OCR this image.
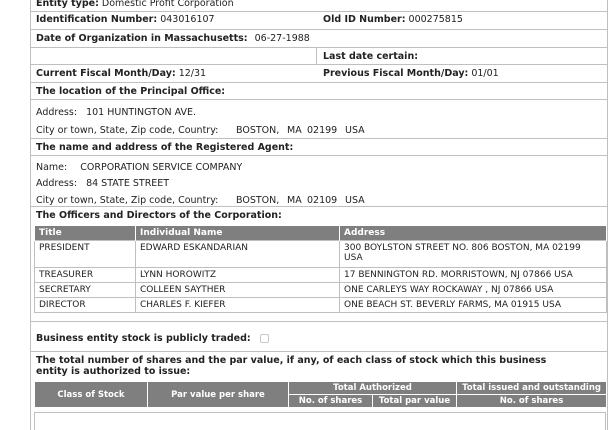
Entity type: Domestic Profit Corporation
Identification Number: 043016107	Old ID Number: 000275815
Date of Organization in Massachusetts: 06-27-1988
Last date certain:
Current Fiscal Month/Day: 12/31	Previous Fiscal Month/Day: 01/01
The location of the Principal Office:
Address: 101 HUNTINGTON AVE.
City or town, State, Zip code, Country: BOSTON, MA 02199 USA
The name and address of the Registered Agent:
Name: CORPORATION SERVICE COMPANY
Address: 84 STATE STREET
City or town, State, Zip code, Country: BOSTON, MA 02109 USA
The Officers and Directors of the Corporation:
Title	Individual Name	Address
PRESIDENT	EDWARD ESKANDARIAN	300 BOYLSTON STREET NO. 806 BOSTON, MA 02199 USA
TREASURER	LYNN HOROWITZ	17 BENNINGTON RD. MORRISTOWN, NJ 07866 USA
SECRETARY	COLLEEN SAYTHER	ONE CARLEYS WAY ROCKAWAY , NJ 07866 USA
DIRECTOR	CHARLES F. KIEFER	ONE BEACH ST. BEVERLY FARMS, MA 01915 USA
Business entity stock is publicly traded:
The total number of shares and the par value, if any, of each class of stock which this business entity is authorized to issue:
Class of Stock	Par value per share	Total Authorized		Total issued and outstanding
		No. of shares	Total par value	No. of shares
